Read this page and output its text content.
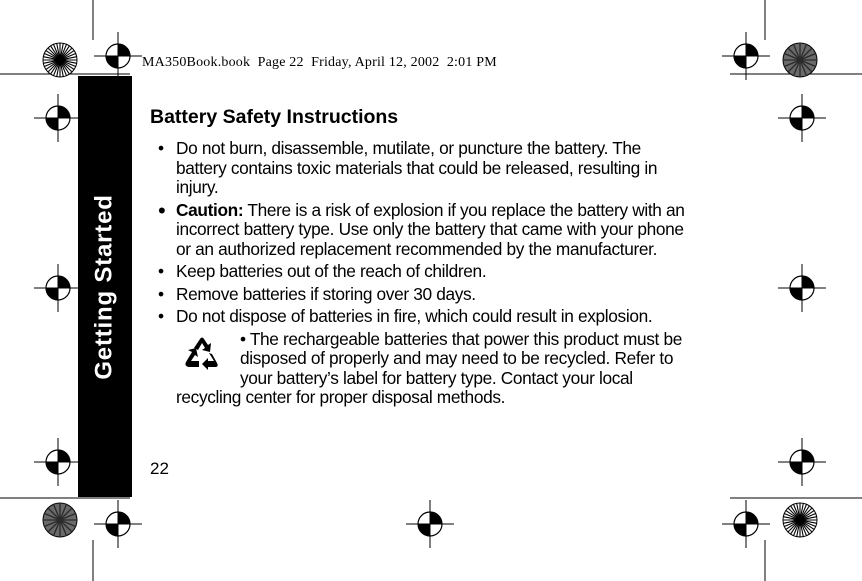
MA350Book.book  Page 22  Friday, April 12, 2002  2:01 PM
Getting Started
Battery Safety Instructions
• Do not burn, disassemble, mutilate, or puncture the battery. The battery contains toxic materials that could be released, resulting in injury.
• Caution: There is a risk of explosion if you replace the battery with an incorrect battery type. Use only the battery that came with your phone or an authorized replacement recommended by the manufacturer.
• Keep batteries out of the reach of children.
• Remove batteries if storing over 30 days.
• Do not dispose of batteries in fire, which could result in explosion.
• The rechargeable batteries that power this product must be disposed of properly and may need to be recycled. Refer to your battery’s label for battery type. Contact your local
recycling center for proper disposal methods.
22
